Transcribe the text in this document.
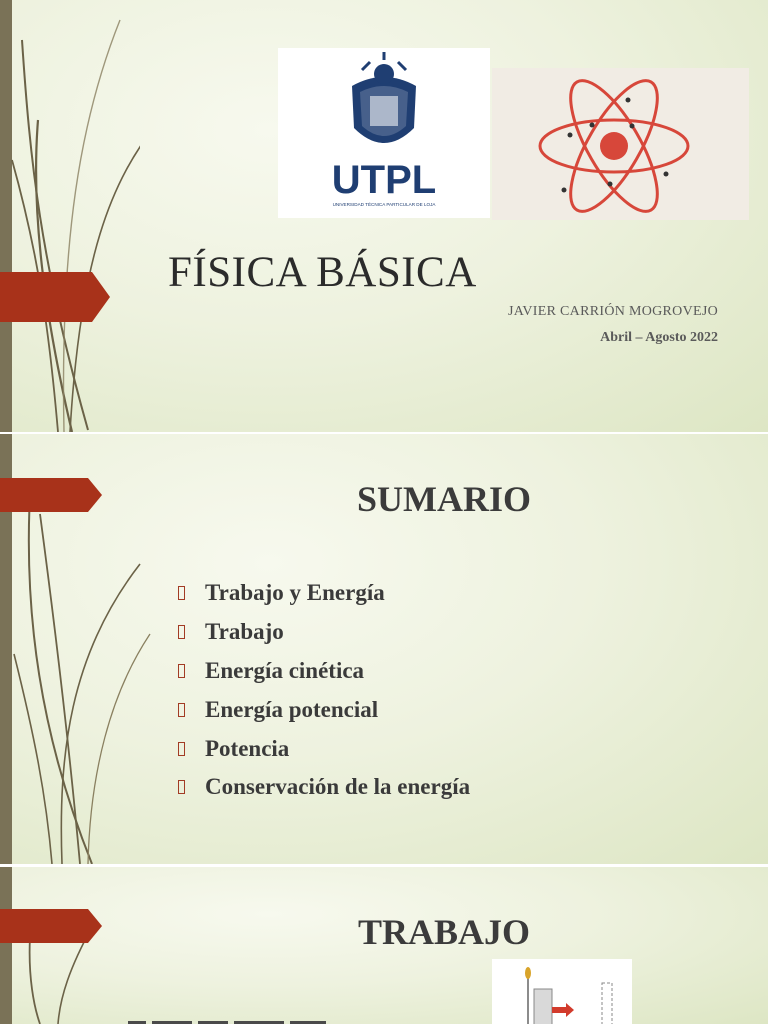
UTPL
UNIVERSIDAD TÉCNICA PARTICULAR DE LOJA
FÍSICA BÁSICA
JAVIER CARRIÓN MOGROVEJO
Abril – Agosto 2022
SUMARIO
Trabajo y Energía
Trabajo
Energía cinética
Energía potencial
Potencia
Conservación de la energía
TRABAJO
